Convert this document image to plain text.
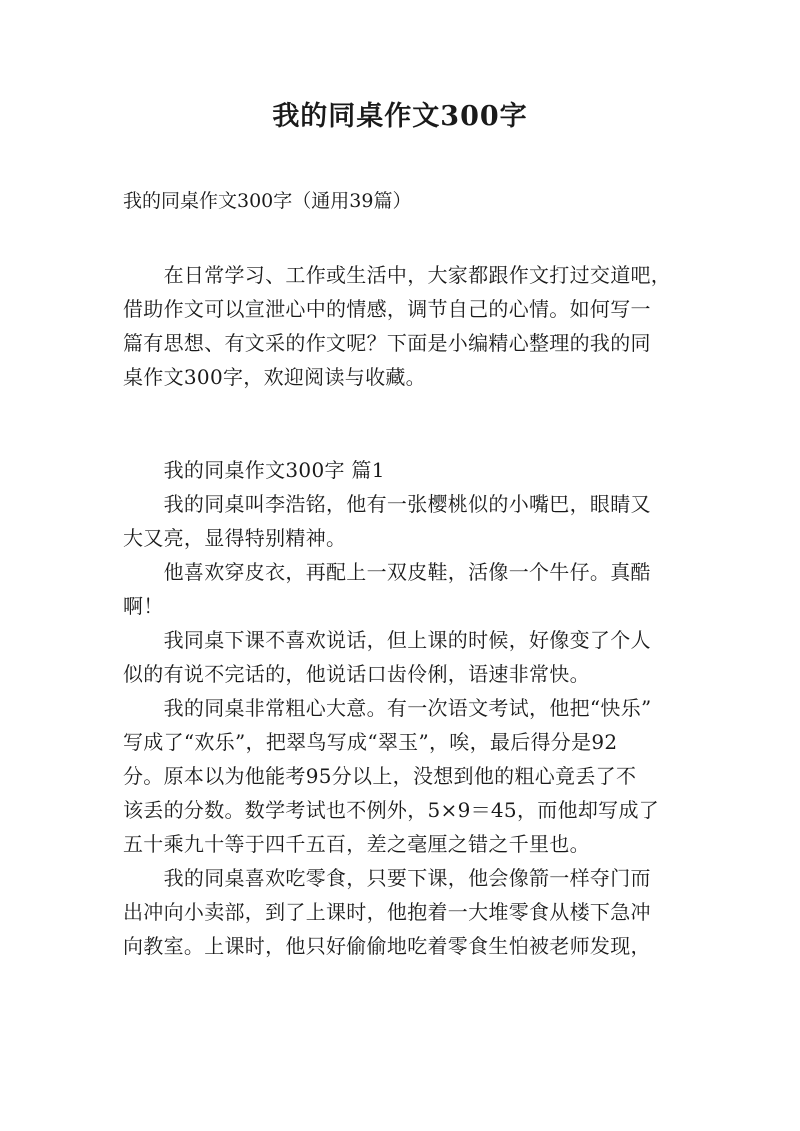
我的同桌作文300字
我的同桌作文300字（通用39篇）
　　在日常学习、工作或生活中，大家都跟作文打过交道吧，
借助作文可以宣泄心中的情感，调节自己的心情。如何写一
篇有思想、有文采的作文呢？下面是小编精心整理的我的同
桌作文300字，欢迎阅读与收藏。
　　我的同桌作文300字 篇1
　　我的同桌叫李浩铭，他有一张樱桃似的小嘴巴，眼睛又
大又亮，显得特别精神。
　　他喜欢穿皮衣，再配上一双皮鞋，活像一个牛仔。真酷
啊！
　　我同桌下课不喜欢说话，但上课的时候，好像变了个人
似的有说不完话的，他说话口齿伶俐，语速非常快。
　　我的同桌非常粗心大意。有一次语文考试，他把“快乐”
写成了“欢乐”，把翠鸟写成“翠玉”，唉，最后得分是92
分。原本以为他能考95分以上，没想到他的粗心竟丢了不
该丢的分数。数学考试也不例外，5×9＝45，而他却写成了
五十乘九十等于四千五百，差之毫厘之错之千里也。
　　我的同桌喜欢吃零食，只要下课，他会像箭一样夺门而
出冲向小卖部，到了上课时，他抱着一大堆零食从楼下急冲
向教室。上课时，他只好偷偷地吃着零食生怕被老师发现，
